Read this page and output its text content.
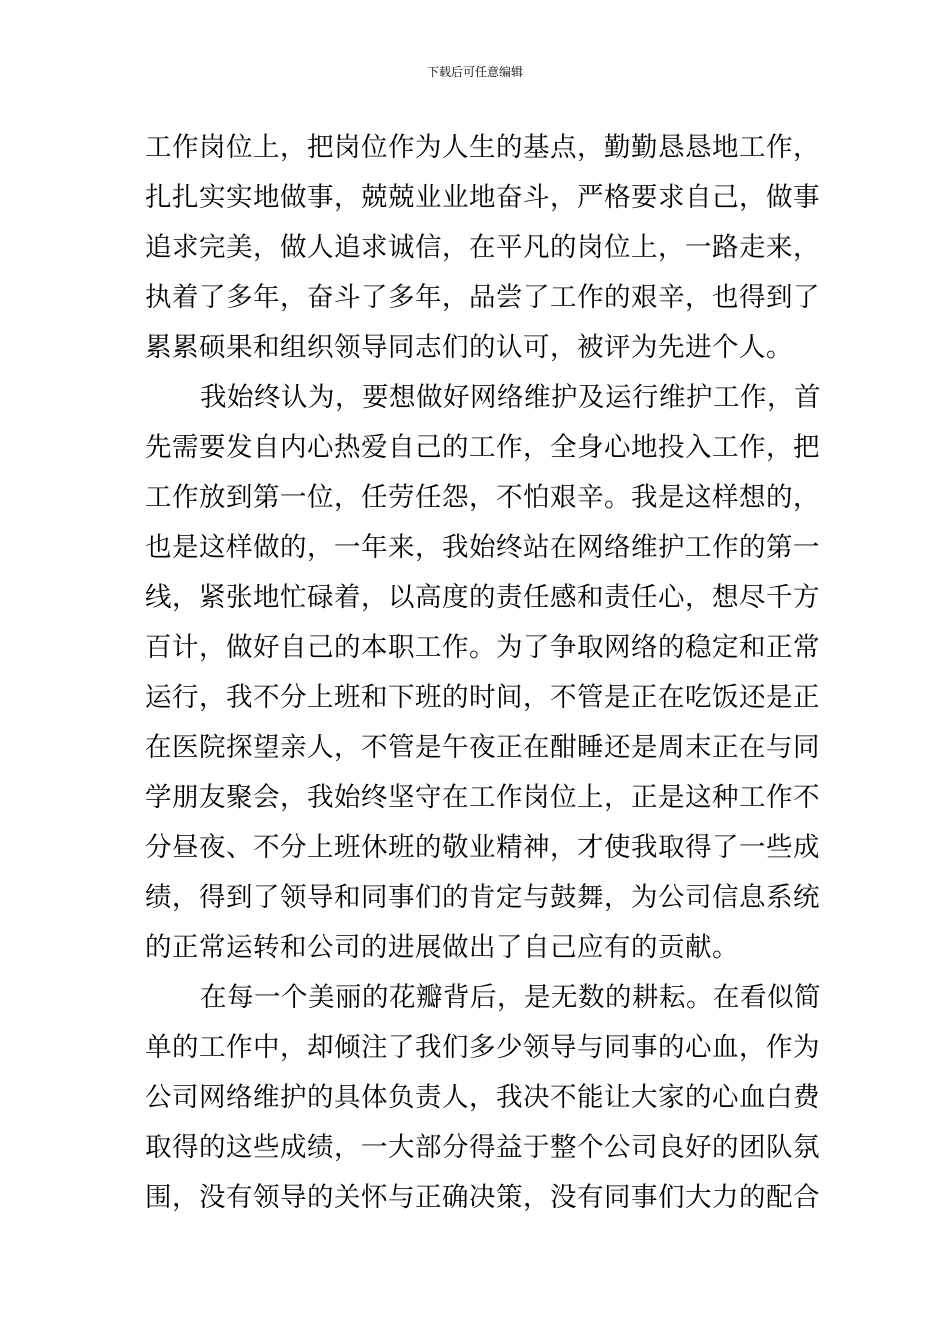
下载后可任意编辑
工作岗位上，把岗位作为人生的基点，勤勤恳恳地工作，
扎扎实实地做事，兢兢业业地奋斗，严格要求自己，做事
追求完美，做人追求诚信，在平凡的岗位上，一路走来，
执着了多年，奋斗了多年，品尝了工作的艰辛，也得到了
累累硕果和组织领导同志们的认可，被评为先进个人。
我始终认为，要想做好网络维护及运行维护工作，首
先需要发自内心热爱自己的工作，全身心地投入工作，把
工作放到第一位，任劳任怨，不怕艰辛。我是这样想的，
也是这样做的，一年来，我始终站在网络维护工作的第一
线，紧张地忙碌着，以高度的责任感和责任心，想尽千方
百计，做好自己的本职工作。为了争取网络的稳定和正常
运行，我不分上班和下班的时间，不管是正在吃饭还是正
在医院探望亲人，不管是午夜正在酣睡还是周末正在与同
学朋友聚会，我始终坚守在工作岗位上，正是这种工作不
分昼夜、不分上班休班的敬业精神，才使我取得了一些成
绩，得到了领导和同事们的肯定与鼓舞，为公司信息系统
的正常运转和公司的进展做出了自己应有的贡献。
在每一个美丽的花瓣背后，是无数的耕耘。在看似简
单的工作中，却倾注了我们多少领导与同事的心血，作为
公司网络维护的具体负责人，我决不能让大家的心血白费
取得的这些成绩，一大部分得益于整个公司良好的团队氛
围，没有领导的关怀与正确决策，没有同事们大力的配合
